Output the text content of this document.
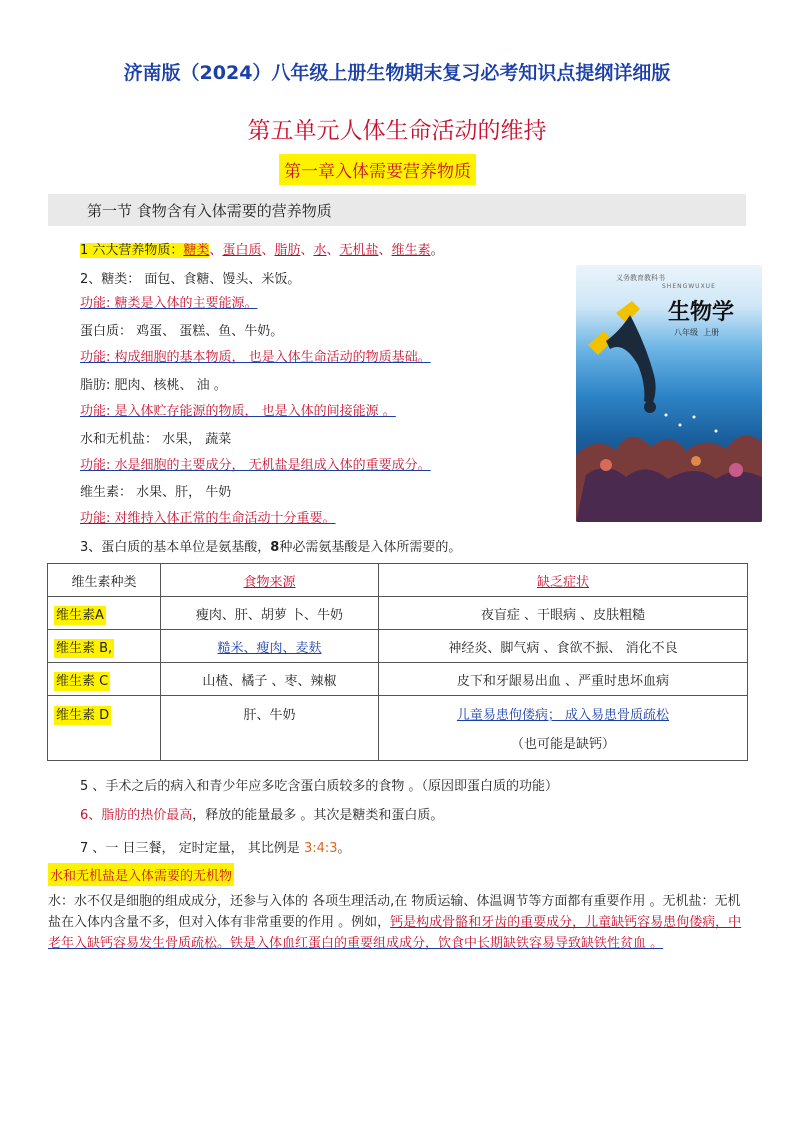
济南版（2024）八年级上册生物期末复习必考知识点提纲详细版
第五单元人体生命活动的维持
第一章入体需要营养物质
第一节 食物含有入体需要的营养物质
1 六大营养物质：糖类、蛋白质、脂肪、水、无机盐、维生素。
2、糖类： 面包、食糖、馒头、米饭。
功能: 糖类是入体的主要能源。
蛋白质： 鸡蛋、 蛋糕、鱼、牛奶。
功能: 构成细胞的基本物质， 也是入体生命活动的物质基础。
脂肪: 肥肉、核桃、 油 。
功能: 是入体贮存能源的物质， 也是入体的间接能源 。
水和无机盐： 水果， 蔬菜
功能: 水是细胞的主要成分， 无机盐是组成入体的重要成分。
维生素： 水果、肝， 牛奶
功能: 对维持入体正常的生命活动十分重要。
义务教育教科书
SHENGWUXUE
生物学
八年级 上册
3、蛋白质的基本单位是氨基酸，8种必需氨基酸是入体所需要的。
维生素种类	食物来源	缺乏症状
维生素A	瘦肉、肝、胡萝 卜、牛奶	夜盲症 、干眼病 、皮肤粗糙
维生素 B,	糙米、瘦肉、麦麸	神经炎、脚气病 、食欲不振、 消化不良
维生素 C	山楂、橘子 、枣、辣椒	皮下和牙龈易出血 、严重时患坏血病
维生素 D	肝、牛奶	儿童易患佝偻病； 成入易患骨质疏松
（也可能是缺钙）
5 、手术之后的病入和青少年应多吃含蛋白质较多的食物 。（原因即蛋白质的功能）
6、脂肪的热价最高，释放的能量最多 。其次是糖类和蛋白质。
7 、一 日三餐， 定时定量， 其比例是 3:4:3。
水和无机盐是入体需要的无机物
水：水不仅是细胞的组成成分，还参与入体的 各项生理活动,在 物质运输、体温调节等方面都有重要作用 。无机盐：无机盐在入体内含量不多，但对入体有非常重要的作用 。例如，钙是构成骨骼和牙齿的重要成分，儿童缺钙容易患佝偻病，中老年入缺钙容易发生骨质疏松。铁是入体血红蛋白的重要组成成分，饮食中长期缺铁容易导致缺铁性贫血 。
